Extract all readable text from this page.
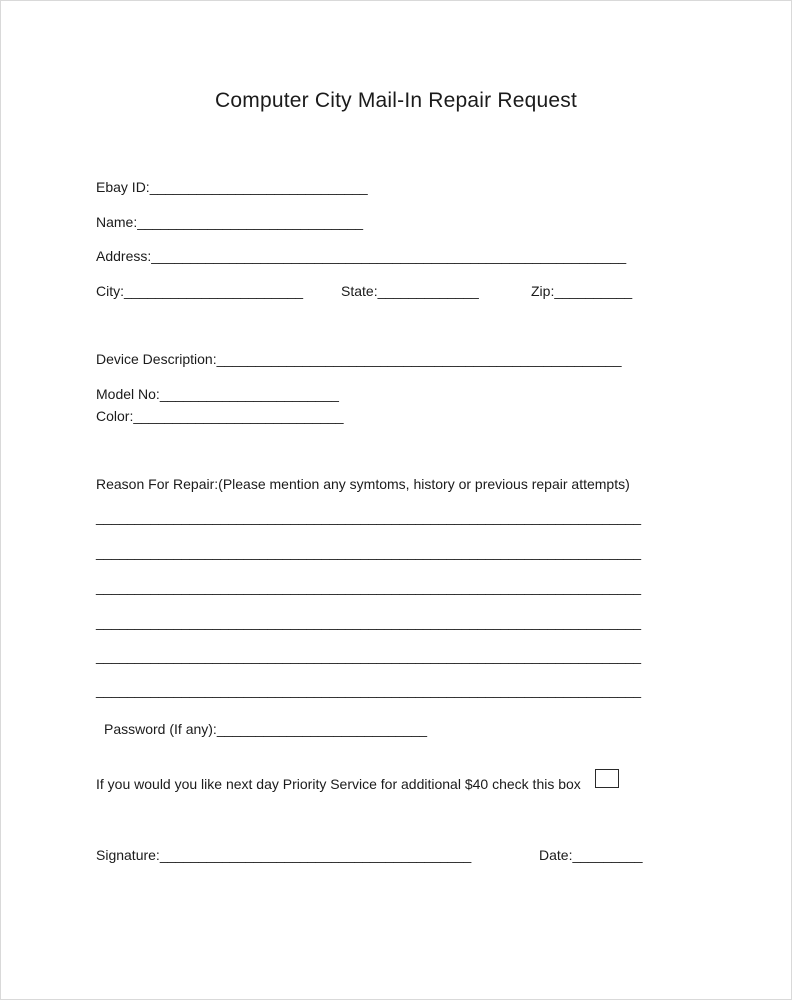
Computer City Mail-In Repair Request
Ebay ID:____________________________
Name:_____________________________
Address:_____________________________________________________________
City:_______________________	State:_____________	Zip:__________
Device Description:____________________________________________________
Model No:_______________________
Color:___________________________
Reason For Repair:(Please mention any symtoms, history or previous repair attempts)
______________________________________________________________________
______________________________________________________________________
______________________________________________________________________
______________________________________________________________________
______________________________________________________________________
______________________________________________________________________
Password (If any):___________________________
If you would you like next day Priority Service for additional $40 check this box
Signature:________________________________________	Date:_________
